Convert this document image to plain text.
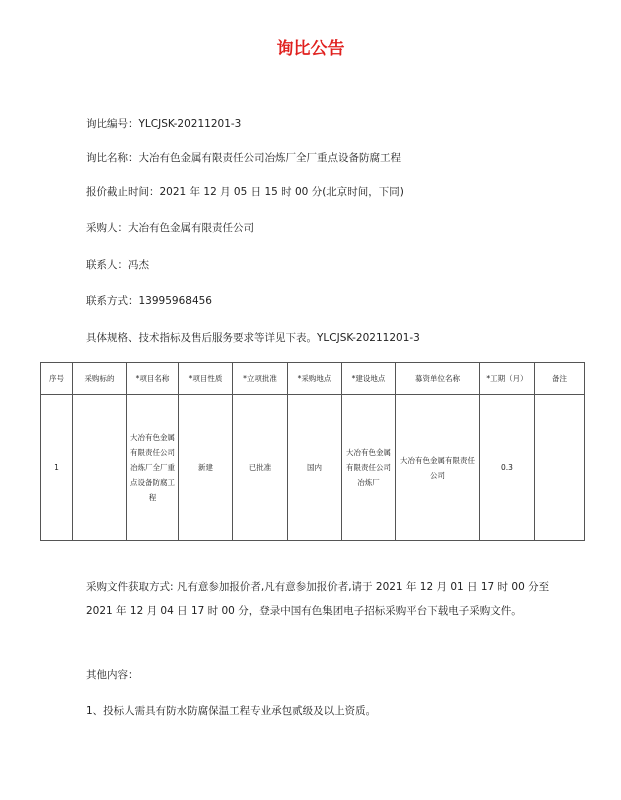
询比公告
询比编号：YLCJSK-20211201-3
询比名称：大冶有色金属有限责任公司冶炼厂全厂重点设备防腐工程
报价截止时间：2021 年 12 月 05 日 15 时 00 分(北京时间，下同)
采购人：大冶有色金属有限责任公司
联系人：冯杰
联系方式：13995968456
具体规格、技术指标及售后服务要求等详见下表。YLCJSK-20211201-3
序号	采购标的	*项目名称	*项目性质	*立项批准	*采购地点	*建设地点	募资单位名称	*工期（月）	备注
1		大冶有色金属有限责任公司冶炼厂全厂重点设备防腐工程	新建	已批准	国内	大冶有色金属有限责任公司冶炼厂	大冶有色金属有限责任公司	0.3	
采购文件获取方式: 凡有意参加报价者,凡有意参加报价者,请于 2021 年 12 月 01 日 17 时 00 分至 2021 年 12 月 04 日 17 时 00 分，登录中国有色集团电子招标采购平台下载电子采购文件。
其他内容：
1、投标人需具有防水防腐保温工程专业承包贰级及以上资质。
